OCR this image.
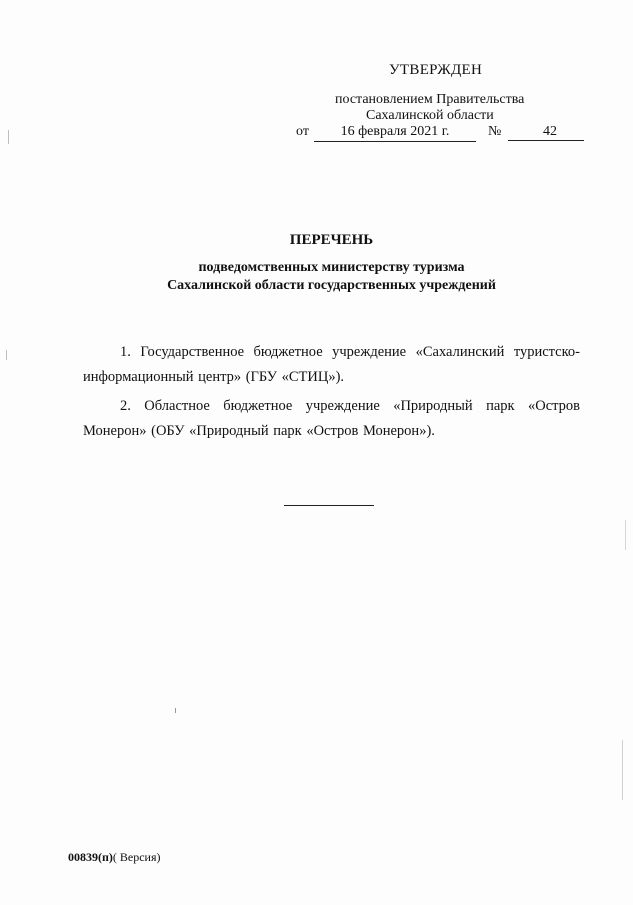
УТВЕРЖДЕН
постановлением Правительства
Сахалинской области
от	16 февраля 2021 г.	№	42
ПЕРЕЧЕНЬ
подведомственных министерству туризма
Сахалинской области государственных учреждений

1. Государственное бюджетное учреждение «Сахалинский туристско-информационный центр» (ГБУ «СТИЦ»).

2. Областное бюджетное учреждение «Природный парк «Остров Монерон» (ОБУ «Природный парк «Остров Монерон»).

00839(п)( Версия)
